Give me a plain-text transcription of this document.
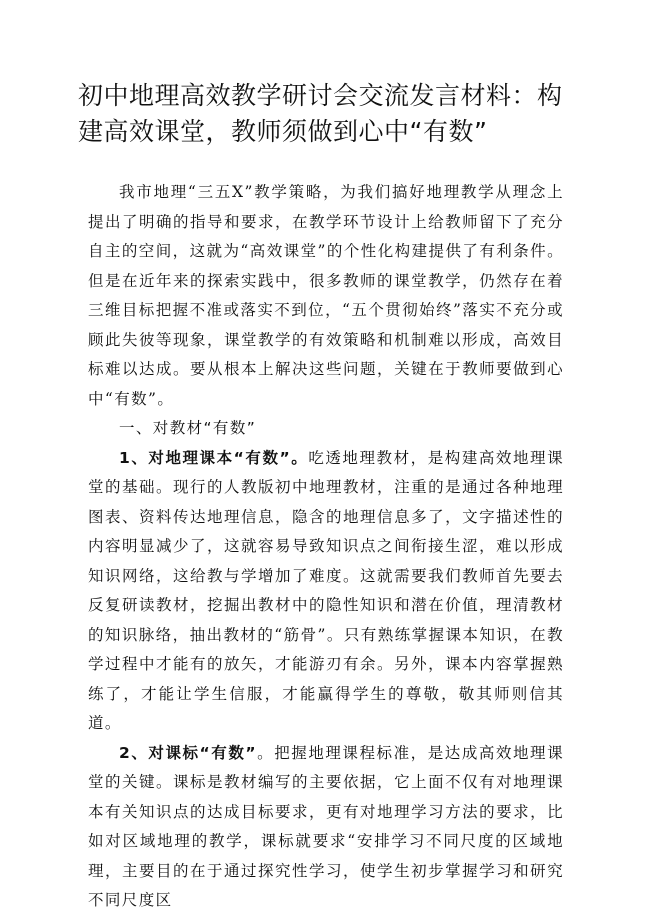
初中地理高效教学研讨会交流发言材料：构建高效课堂，教师须做到心中“有数”

我市地理“三五X”教学策略，为我们搞好地理教学从理念上提出了明确的指导和要求，在教学环节设计上给教师留下了充分自主的空间，这就为“高效课堂”的个性化构建提供了有利条件。但是在近年来的探索实践中，很多教师的课堂教学，仍然存在着三维目标把握不准或落实不到位，“五个贯彻始终”落实不充分或顾此失彼等现象，课堂教学的有效策略和机制难以形成，高效目标难以达成。要从根本上解决这些问题，关键在于教师要做到心中“有数”。

一、对教材“有数”

1、对地理课本“有数”。吃透地理教材，是构建高效地理课堂的基础。现行的人教版初中地理教材，注重的是通过各种地理图表、资料传达地理信息，隐含的地理信息多了，文字描述性的内容明显减少了，这就容易导致知识点之间衔接生涩，难以形成知识网络，这给教与学增加了难度。这就需要我们教师首先要去反复研读教材，挖掘出教材中的隐性知识和潜在价值，理清教材的知识脉络，抽出教材的“筋骨”。只有熟练掌握课本知识，在教学过程中才能有的放矢，才能游刃有余。另外，课本内容掌握熟练了，才能让学生信服，才能赢得学生的尊敬，敬其师则信其道。

2、对课标“有数”。把握地理课程标准，是达成高效地理课堂的关键。课标是教材编写的主要依据，它上面不仅有对地理课本有关知识点的达成目标要求，更有对地理学习方法的要求，比如对区域地理的教学，课标就要求“安排学习不同尺度的区域地理，主要目的在于通过探究性学习，使学生初步掌握学习和研究不同尺度区
